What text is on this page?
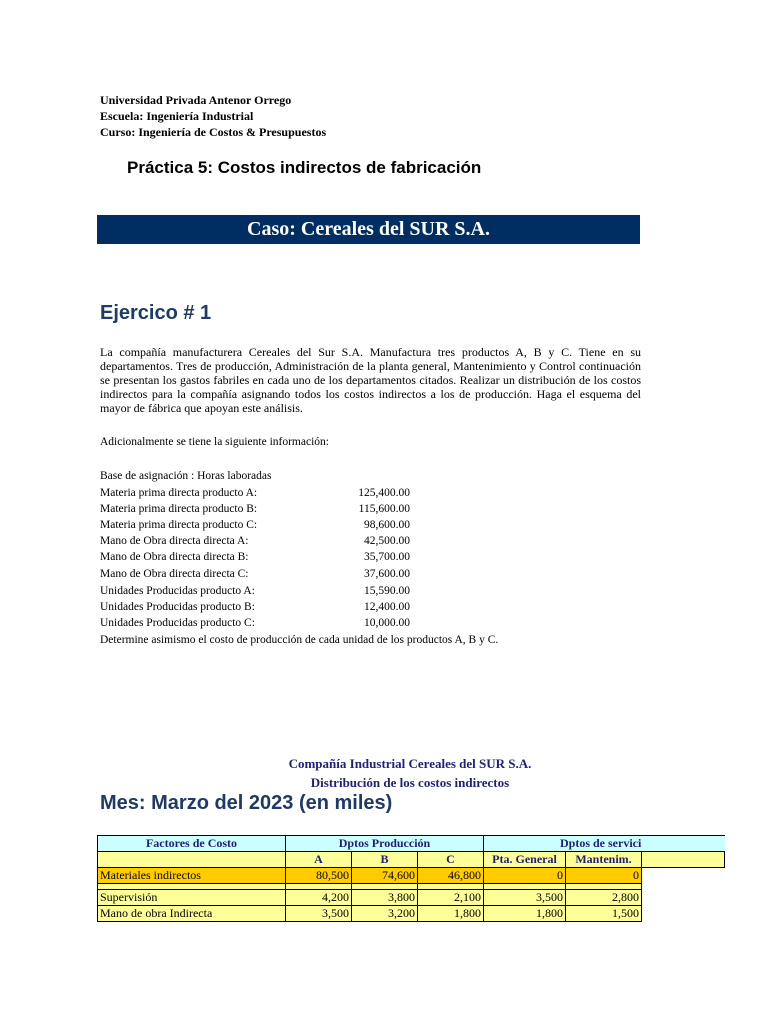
Universidad Privada Antenor Orrego
Escuela: Ingeniería Industrial
Curso: Ingeniería de Costos & Presupuestos
Práctica 5: Costos indirectos de fabricación
Caso: Cereales del SUR S.A.
Ejercico # 1
La compañía manufacturera Cereales del Sur S.A. Manufactura tres productos A, B y C. Tiene en su departamentos. Tres de producción, Administración de la planta general, Mantenimiento y Control continuación se presentan los gastos fabriles en cada uno de los departamentos citados. Realizar un distribución de los costos indirectos para la compañía asignando todos los costos indirectos a los de producción. Haga el esquema del mayor de fábrica que apoyan este análisis.
Adicionalmente se tiene la siguiente información:
Base de asignación : Horas laboradas
Materia prima directa producto A:	125,400.00
Materia prima directa producto B:	115,600.00
Materia prima directa producto C:	98,600.00
Mano de Obra directa directa A:	42,500.00
Mano de Obra directa directa B:	35,700.00
Mano de Obra directa directa C:	37,600.00
Unidades Producidas producto A:	15,590.00
Unidades Producidas producto B:	12,400.00
Unidades Producidas producto C:	10,000.00
Determine asimismo el costo de producción de cada unidad de los productos A, B y C.
Compañía Industrial Cereales del SUR S.A.
Distribución de los costos indirectos
Mes: Marzo del 2023 (en miles)
Factores de Costo	Dptos Producción			Dptos de servici		
	A	B	C	Pta. General	Mantenim.	
Materiales indirectos	80,500	74,600	46,800	0	0	

Supervisión	4,200	3,800	2,100	3,500	2,800	
Mano de obra Indirecta	3,500	3,200	1,800	1,800	1,500	
